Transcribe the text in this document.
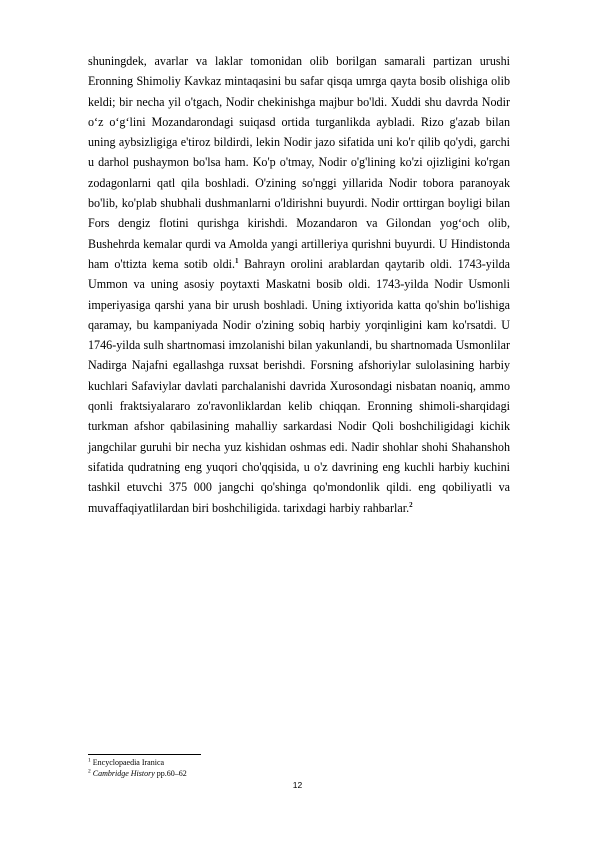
shuningdek, avarlar va laklar tomonidan olib borilgan samarali partizan urushi Eronning Shimoliy Kavkaz mintaqasini bu safar qisqa umrga qayta bosib olishiga olib keldi; bir necha yil o'tgach, Nodir chekinishga majbur bo'ldi. Xuddi shu davrda Nodir o‘z o‘g‘lini Mozandarondagi suiqasd ortida turganlikda aybladi. Rizo g'azab bilan uning aybsizligiga e'tiroz bildirdi, lekin Nodir jazo sifatida uni ko'r qilib qo'ydi, garchi u darhol pushaymon bo'lsa ham. Ko'p o'tmay, Nodir o'g'lining ko'zi ojizligini ko'rgan zodagonlarni qatl qila boshladi. O'zining so'nggi yillarida Nodir tobora paranoyak bo'lib, ko'plab shubhali dushmanlarni o'ldirishni buyurdi. Nodir orttirgan boyligi bilan Fors dengiz flotini qurishga kirishdi. Mozandaron va Gilondan yog‘och olib, Bushehrda kemalar qurdi va Amolda yangi artilleriya qurishni buyurdi. U Hindistonda ham o'ttizta kema sotib oldi.$^1$ Bahrayn orolini arablardan qaytarib oldi. 1743-yilda Ummon va uning asosiy poytaxti Maskatni bosib oldi. 1743-yilda Nodir Usmonli imperiyasiga qarshi yana bir urush boshladi. Uning ixtiyorida katta qo'shin bo'lishiga qaramay, bu kampaniyada Nodir o'zining sobiq harbiy yorqinligini kam ko'rsatdi. U 1746-yilda sulh shartnomasi imzolanishi bilan yakunlandi, bu shartnomada Usmonlilar Nadirga Najafni egallashga ruxsat berishdi. Forsning afshoriylar sulolasining harbiy kuchlari Safaviylar davlati parchalanishi davrida Xurosondagi nisbatan noaniq, ammo qonli fraktsiyalararo zo'ravonliklardan kelib chiqqan. Eronning shimoli-sharqidagi turkman afshor qabilasining mahalliy sarkardasi Nodir Qoli boshchiligidagi kichik jangchilar guruhi bir necha yuz kishidan oshmas edi. Nadir shohlar shohi Shahanshoh sifatida qudratning eng yuqori cho'qqisida, u o'z davrining eng kuchli harbiy kuchini tashkil etuvchi 375 000 jangchi qo'shinga qo'mondonlik qildi. eng qobiliyatli va muvaffaqiyatlilardan biri boshchiligida. tarixdagi harbiy rahbarlar.$^2$

$^1$ Encyclopaedia Iranica

$^2$ Cambridge History pp.60–62

12
